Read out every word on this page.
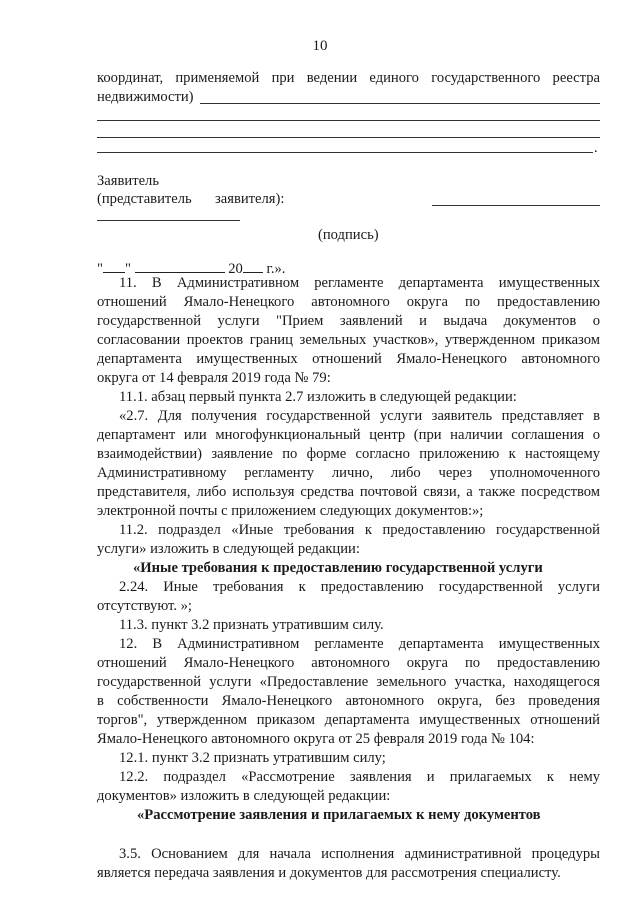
10
координат, применяемой при ведении единого государственного реестра
недвижимости)
.
Заявитель
(представитель заявителя):
(подпись)
" "	20 г.».
11. В Административном регламенте департамента имущественных
отношений Ямало-Ненецкого автономного округа по предоставлению
государственной услуги "Прием заявлений и выдача документов о
согласовании проектов границ земельных участков», утвержденном приказом
департамента имущественных отношений Ямало-Ненецкого автономного
округа от 14 февраля 2019 года № 79:
11.1. абзац первый пункта 2.7 изложить в следующей редакции:
«2.7. Для получения государственной услуги заявитель представляет в
департамент или многофункциональный центр (при наличии соглашения о
взаимодействии) заявление по форме согласно приложению к настоящему
Административному регламенту лично, либо через уполномоченного
представителя, либо используя средства почтовой связи, а также посредством
электронной почты с приложением следующих документов:»;
11.2. подраздел «Иные требования к предоставлению государственной
услуги» изложить в следующей редакции:
«Иные требования к предоставлению государственной услуги
2.24. Иные требования к предоставлению государственной услуги
отсутствуют. »;
11.3. пункт 3.2 признать утратившим силу.
12. В Административном регламенте департамента имущественных
отношений Ямало-Ненецкого автономного округа по предоставлению
государственной услуги «Предоставление земельного участка, находящегося
в собственности Ямало-Ненецкого автономного округа, без проведения
торгов", утвержденном приказом департамента имущественных отношений
Ямало-Ненецкого автономного округа от 25 февраля 2019 года № 104:
12.1. пункт 3.2 признать утратившим силу;
12.2. подраздел «Рассмотрение заявления и прилагаемых к нему
документов» изложить в следующей редакции:
«Рассмотрение заявления и прилагаемых к нему документов
3.5. Основанием для начала исполнения административной процедуры
является передача заявления и документов для рассмотрения специалисту.
